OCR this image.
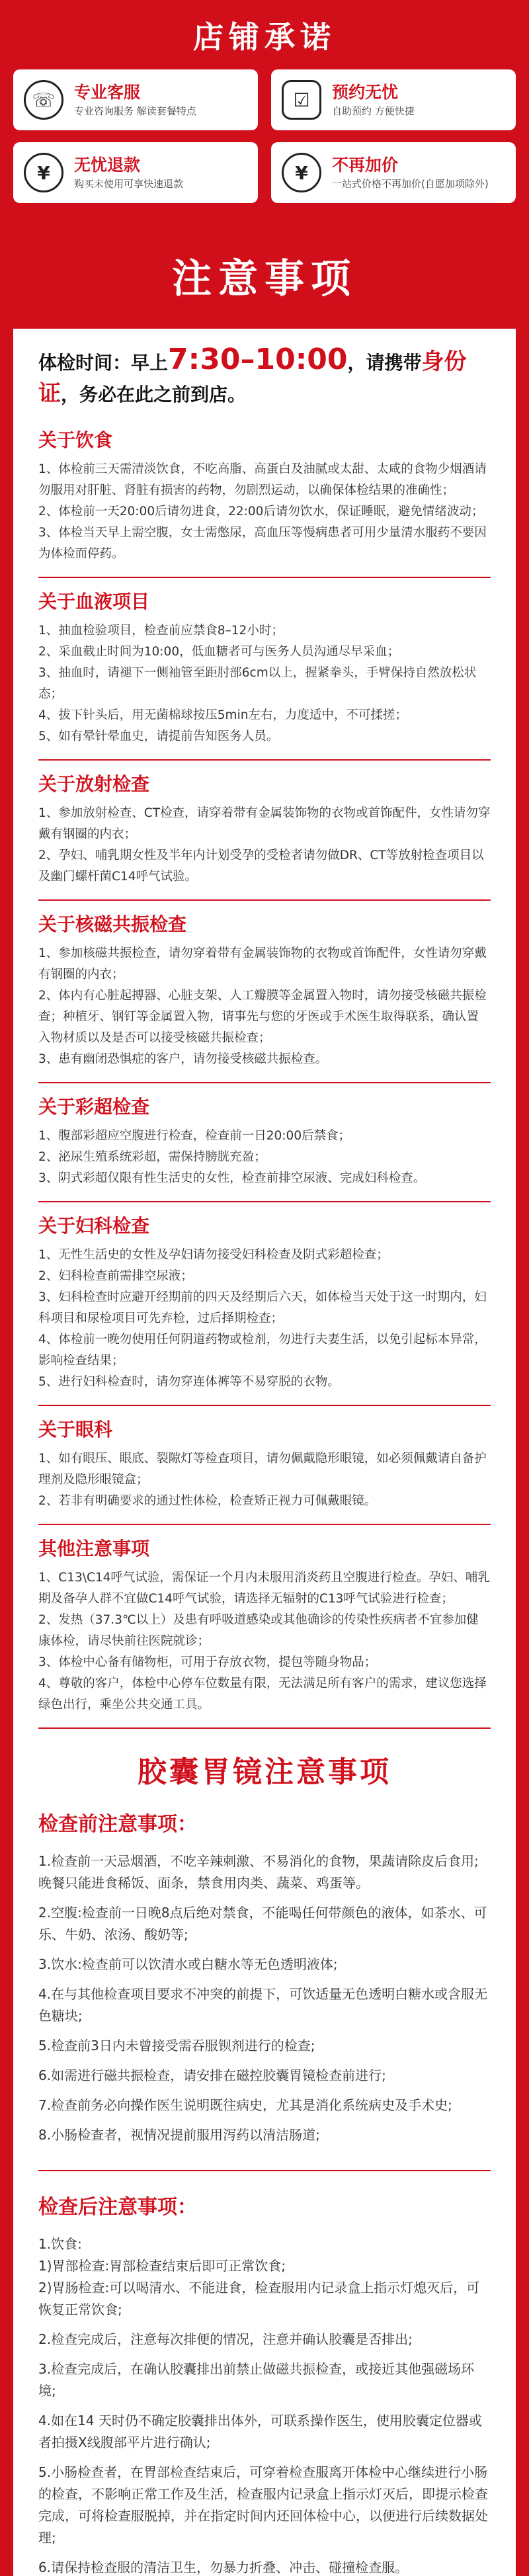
店铺承诺
☏	专业客服
专业咨询服务 解读套餐特点
☑	预约无忧
自助预约 方便快捷
¥	无忧退款
购买未使用可享快速退款
¥	不再加价
一站式价格不再加价(自愿加项除外)
注意事项
体检时间：早上7:30–10:00，请携带身份证，务必在此之前到店。
关于饮食
1、体检前三天需清淡饮食，不吃高脂、高蛋白及油腻或太甜、太咸的食物少烟酒请勿服用对肝脏、肾脏有损害的药物，勿剧烈运动，以确保体检结果的准确性；
2、体检前一天20:00后请勿进食，22:00后请勿饮水，保证睡眠，避免情绪波动；
3、体检当天早上需空腹，女士需憋尿，高血压等慢病患者可用少量清水服药不要因为体检而停药。
关于血液项目
1、抽血检验项目，检查前应禁食8–12小时；
2、采血截止时间为10:00，低血糖者可与医务人员沟通尽早采血；
3、抽血时，请褪下一侧袖管至距肘部6cm以上，握紧拳头，手臂保持自然放松状态；
4、拔下针头后，用无菌棉球按压5min左右，力度适中，不可揉搓；
5、如有晕针晕血史，请提前告知医务人员。
关于放射检查
1、参加放射检查、CT检查，请穿着带有金属装饰物的衣物或首饰配件，女性请勿穿戴有钢圈的内衣；
2、孕妇、哺乳期女性及半年内计划受孕的受检者请勿做DR、CT等放射检查项目以及幽门螺杆菌C14呼气试验。
关于核磁共振检查
1、参加核磁共振检查，请勿穿着带有金属装饰物的衣物或首饰配件，女性请勿穿戴有钢圈的内衣；
2、体内有心脏起搏器、心脏支架、人工瓣膜等金属置入物时，请勿接受核磁共振检查；种植牙、钢钉等金属置入物，请事先与您的牙医或手术医生取得联系，确认置入物材质以及是否可以接受核磁共振检查；
3、患有幽闭恐惧症的客户，请勿接受核磁共振检查。
关于彩超检查
1、腹部彩超应空腹进行检查，检查前一日20:00后禁食；
2、泌尿生殖系统彩超，需保持膀胱充盈；
3、阴式彩超仅限有性生活史的女性，检查前排空尿液、完成妇科检查。
关于妇科检查
1、无性生活史的女性及孕妇请勿接受妇科检查及阴式彩超检查；
2、妇科检查前需排空尿液；
3、妇科检查时应避开经期前的四天及经期后六天，如体检当天处于这一时期内，妇科项目和尿检项目可先弃检，过后择期检查；
4、体检前一晚勿使用任何阴道药物或检剂，勿进行夫妻生活，以免引起标本异常，影响检查结果；
5、进行妇科检查时，请勿穿连体裤等不易穿脱的衣物。
关于眼科
1、如有眼压、眼底、裂隙灯等检查项目，请勿佩戴隐形眼镜，如必须佩戴请自备护理剂及隐形眼镜盒；
2、若非有明确要求的通过性体检，检查矫正视力可佩戴眼镜。
其他注意事项
1、C13\C14呼气试验，需保证一个月内未服用消炎药且空腹进行检查。孕妇、哺乳期及备孕人群不宜做C14呼气试验，请选择无辐射的C13呼气试验进行检查；
2、发热（37.3℃以上）及患有呼吸道感染或其他确诊的传染性疾病者不宜参加健康体检，请尽快前往医院就诊；
3、体检中心备有储物柜，可用于存放衣物，提包等随身物品；
4、尊敬的客户，体检中心停车位数量有限，无法满足所有客户的需求，建议您选择绿色出行，乘坐公共交通工具。
胶囊胃镜注意事项
检查前注意事项：
1.检查前一天忌烟酒，不吃辛辣刺激、不易消化的食物，果蔬请除皮后食用;晚餐只能进食稀饭、面条，禁食用肉类、蔬菜、鸡蛋等。
2.空腹:检查前一日晚8点后绝对禁食，不能喝任何带颜色的液体，如茶水、可乐、牛奶、浓汤、酸奶等;
3.饮水:检查前可以饮清水或白糖水等无色透明液体;
4.在与其他检查项目要求不冲突的前提下，可饮适量无色透明白糖水或含服无色糖块;
5.检查前3日内未曾接受需吞服钡剂进行的检查;
6.如需进行磁共振检查，请安排在磁控胶囊胃镜检查前进行;
7.检查前务必向操作医生说明既往病史，尤其是消化系统病史及手术史;
8.小肠检查者，视情况提前服用泻药以清洁肠道;
检查后注意事项：
1.饮食:
1)胃部检查:胃部检查结束后即可正常饮食;
2)胃肠检查:可以喝清水、不能进食，检查服用内记录盒上指示灯熄灭后，可恢复正常饮食;
2.检查完成后，注意每次排便的情况，注意并确认胶囊是否排出;
3.检查完成后，在确认胶囊排出前禁止做磁共振检查，或接近其他强磁场环境;
4.如在14 天时仍不确定胶囊排出体外，可联系操作医生，使用胶囊定位器或者拍摄X线腹部平片进行确认;
5.小肠检查者，在胃部检查结束后，可穿着检查服离开体检中心继续进行小肠的检查，不影响正常工作及生活，检查服内记录盒上指示灯灭后，即提示检查完成，可将检查服脱掉，并在指定时间内还回体检中心，以便进行后续数据处理;
6.请保持检查服的清洁卫生，勿暴力折叠、冲击、碰撞检查服。
